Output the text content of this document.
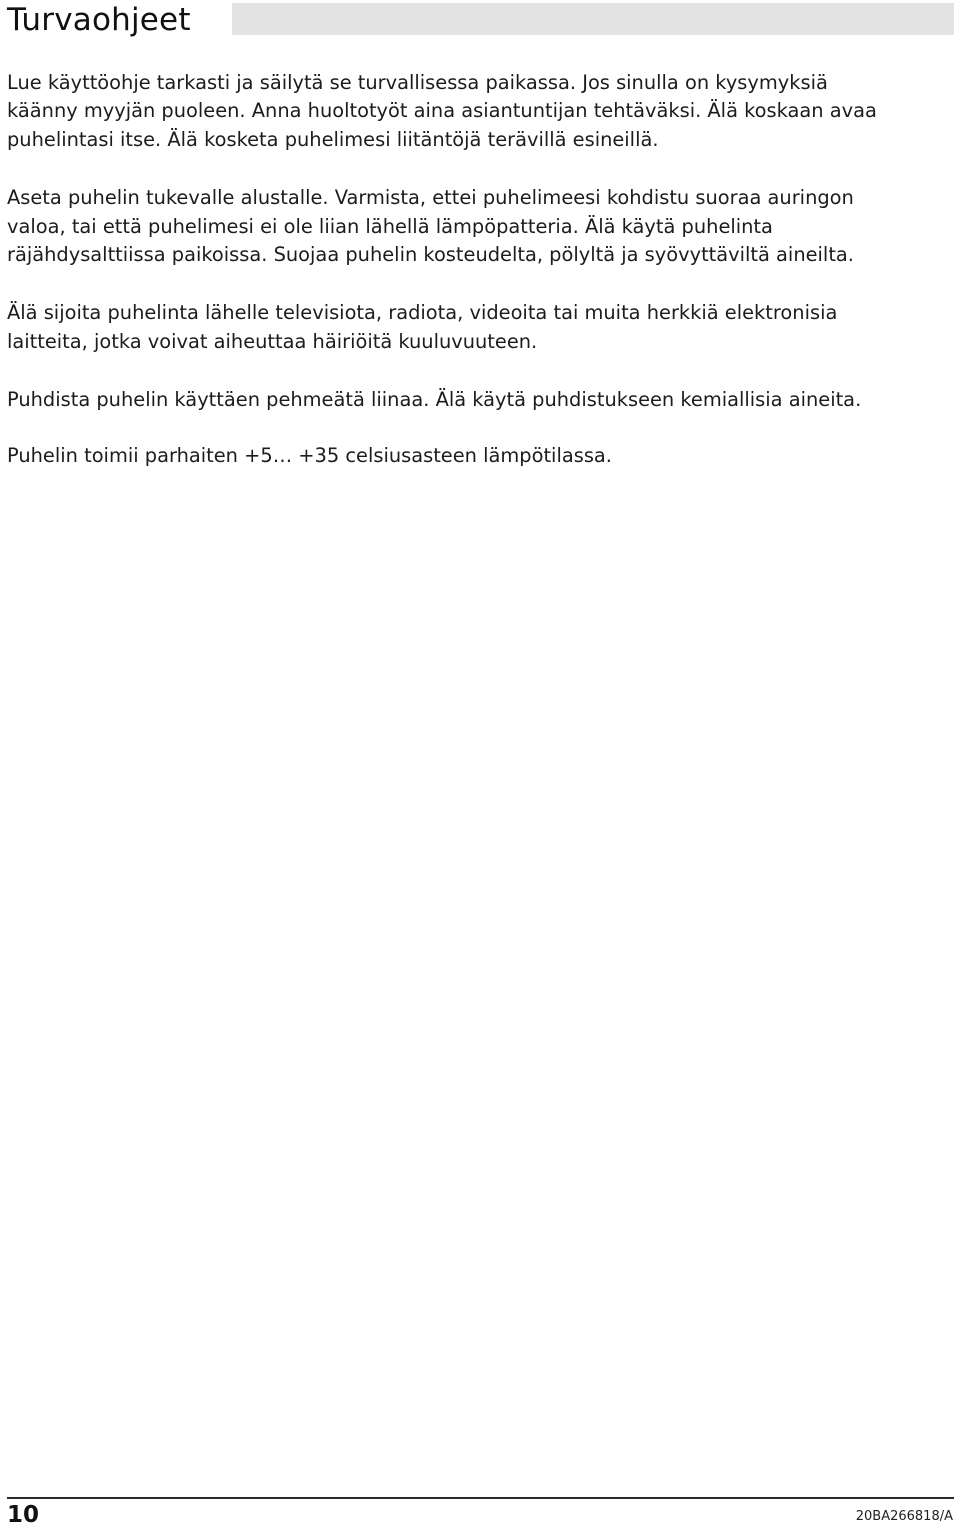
Turvaohjeet

Lue käyttöohje tarkasti ja säilytä se turvallisessa paikassa. Jos sinulla on kysymyksiä
käänny myyjän puoleen. Anna huoltotyöt aina asiantuntijan tehtäväksi. Älä koskaan avaa
puhelintasi itse. Älä kosketa puhelimesi liitäntöjä terävillä esineillä.

Aseta puhelin tukevalle alustalle. Varmista, ettei puhelimeesi kohdistu suoraa auringon
valoa, tai että puhelimesi ei ole liian lähellä lämpöpatteria. Älä käytä puhelinta
räjähdysalttiissa paikoissa. Suojaa puhelin kosteudelta, pölyltä ja syövyttäviltä aineilta.

Älä sijoita puhelinta lähelle televisiota, radiota, videoita tai muita herkkiä elektronisia
laitteita, jotka voivat aiheuttaa häiriöitä kuuluvuuteen.

Puhdista puhelin käyttäen pehmeätä liinaa. Älä käytä puhdistukseen kemiallisia aineita.

Puhelin toimii parhaiten +5… +35 celsiusasteen lämpötilassa.

10	20BA266818/A
